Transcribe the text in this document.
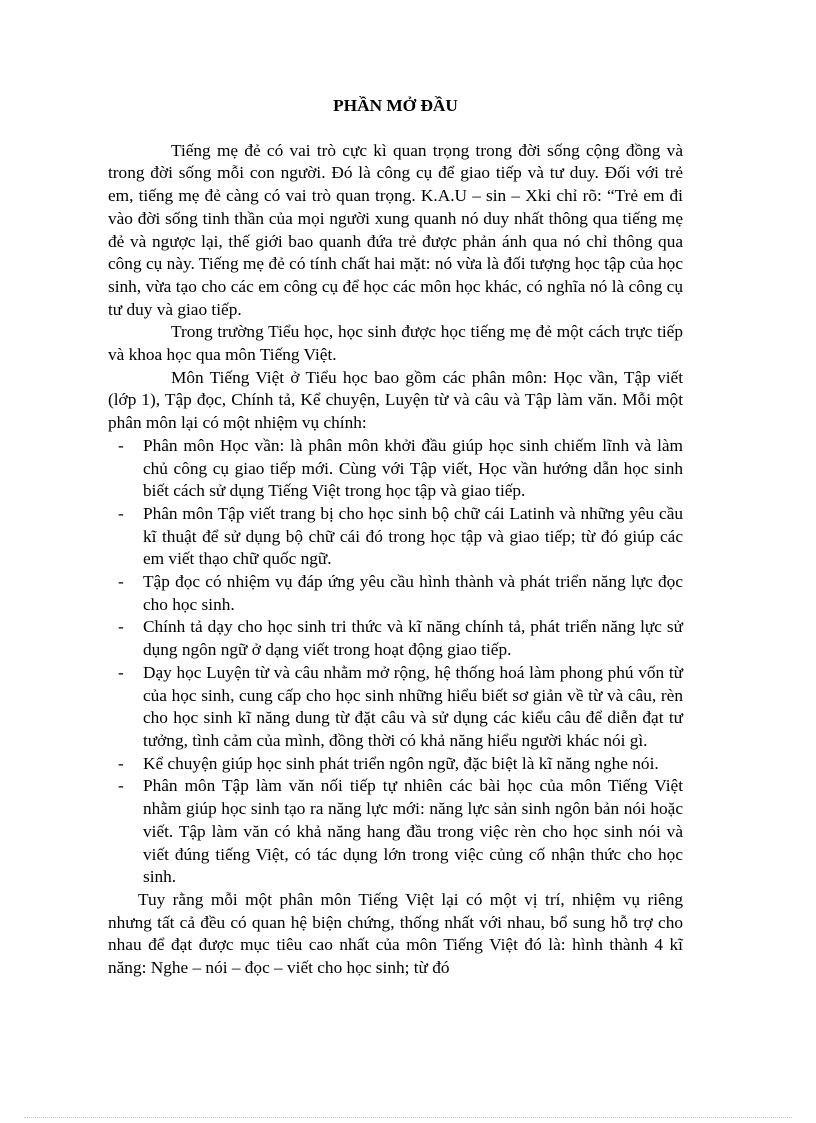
PHẦN MỞ ĐẦU

Tiếng mẹ đẻ có vai trò cực kì quan trọng trong đời sống cộng đồng và trong đời sống mỗi con người. Đó là công cụ để giao tiếp và tư duy. Đối với trẻ em, tiếng mẹ đẻ càng có vai trò quan trọng. K.A.U – sin – Xki chỉ rõ: “Trẻ em đi vào đời sống tinh thần của mọi người xung quanh nó duy nhất thông qua tiếng mẹ đẻ và ngược lại, thế giới bao quanh đứa trẻ được phản ánh qua nó chỉ thông qua công cụ này. Tiếng mẹ đẻ có tính chất hai mặt: nó vừa là đối tượng học tập của học sinh, vừa tạo cho các em công cụ để học các môn học khác, có nghĩa nó là công cụ tư duy và giao tiếp.

Trong trường Tiểu học, học sinh được học tiếng mẹ đẻ một cách trực tiếp và khoa học qua môn Tiếng Việt.

Môn Tiếng Việt ở Tiểu học bao gồm các phân môn: Học vần, Tập viết (lớp 1), Tập đọc, Chính tả, Kể chuyện, Luyện từ và câu và Tập làm văn. Mỗi một phân môn lại có một nhiệm vụ chính:

- Phân môn Học vần: là phân môn khởi đầu giúp học sinh chiếm lĩnh và làm chủ công cụ giao tiếp mới. Cùng với Tập viết, Học vần hướng dẫn học sinh biết cách sử dụng Tiếng Việt trong học tập và giao tiếp.
- Phân môn Tập viết trang bị cho học sinh bộ chữ cái Latinh và những yêu cầu kĩ thuật để sử dụng bộ chữ cái đó trong học tập và giao tiếp; từ đó giúp các em viết thạo chữ quốc ngữ.
- Tập đọc có nhiệm vụ đáp ứng yêu cầu hình thành và phát triển năng lực đọc cho học sinh.
- Chính tả dạy cho học sinh tri thức và kĩ năng chính tả, phát triển năng lực sử dụng ngôn ngữ ở dạng viết trong hoạt động giao tiếp.
- Dạy học Luyện từ và câu nhằm mở rộng, hệ thống hoá làm phong phú vốn từ của học sinh, cung cấp cho học sinh những hiểu biết sơ giản về từ và câu, rèn cho học sinh kĩ năng dung từ đặt câu và sử dụng các kiểu câu để diễn đạt tư tưởng, tình cảm của mình, đồng thời có khả năng hiểu người khác nói gì.
- Kể chuyện giúp học sinh phát triển ngôn ngữ, đặc biệt là kĩ năng nghe nói.
- Phân môn Tập làm văn nối tiếp tự nhiên các bài học của môn Tiếng Việt nhằm giúp học sinh tạo ra năng lực mới: năng lực sản sinh ngôn bản nói hoặc viết. Tập làm văn có khả năng hang đầu trong việc rèn cho học sinh nói và viết đúng tiếng Việt, có tác dụng lớn trong việc củng cố nhận thức cho học sinh.

Tuy rằng mỗi một phân môn Tiếng Việt lại có một vị trí, nhiệm vụ riêng nhưng tất cả đều có quan hệ biện chứng, thống nhất với nhau, bổ sung hỗ trợ cho nhau để đạt được mục tiêu cao nhất của môn Tiếng Việt đó là: hình thành 4 kĩ năng: Nghe – nói – đọc – viết cho học sinh; từ đó
